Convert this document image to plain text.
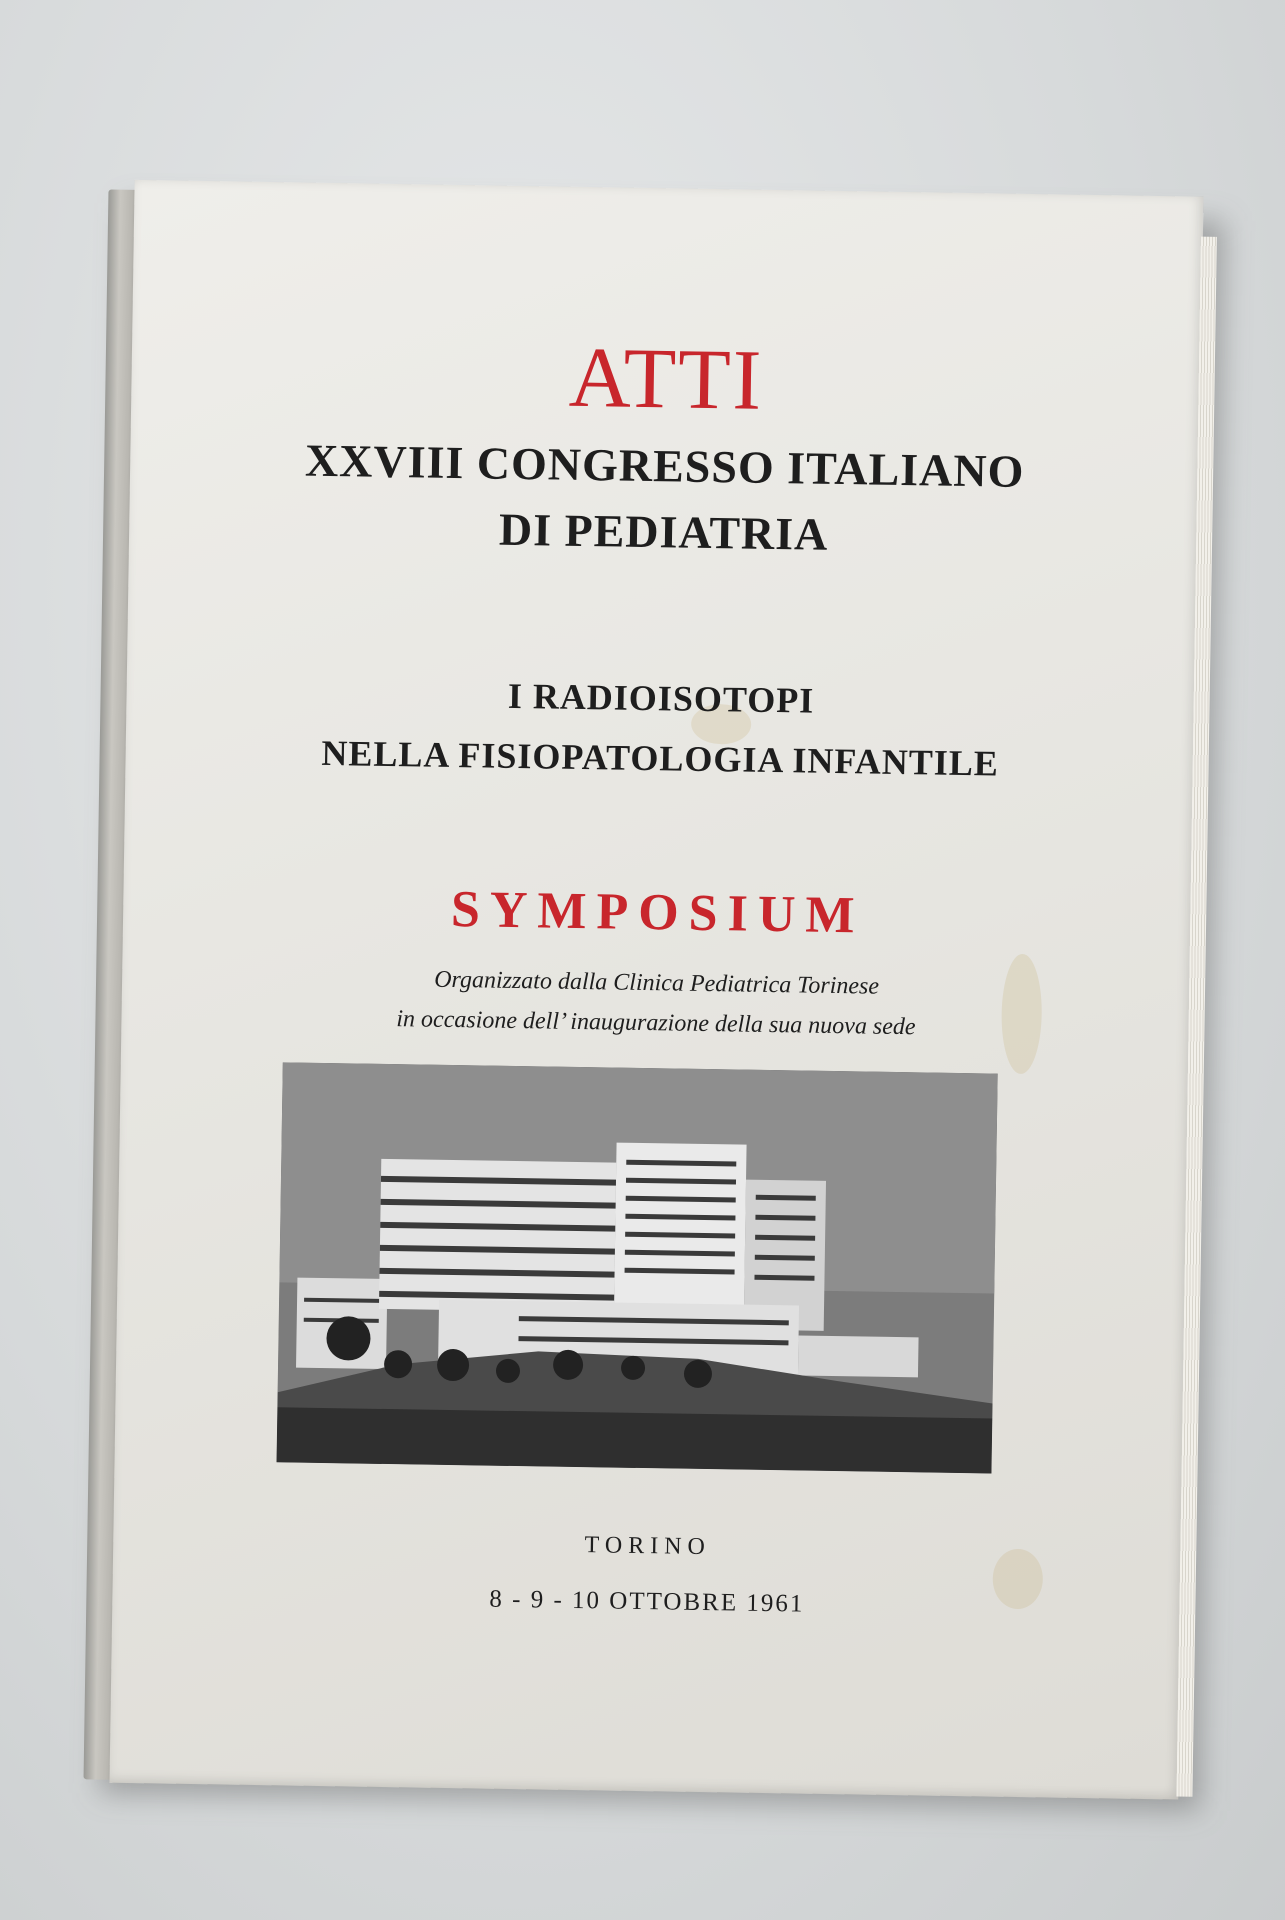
ATTI
XXVIII CONGRESSO ITALIANO
DI PEDIATRIA
I RADIOISOTOPI
NELLA FISIOPATOLOGIA INFANTILE
SYMPOSIUM
Organizzato dalla Clinica Pediatrica Torinese
in occasione dell’ inaugurazione della sua nuova sede
TORINO
8 - 9 - 10 OTTOBRE 1961
